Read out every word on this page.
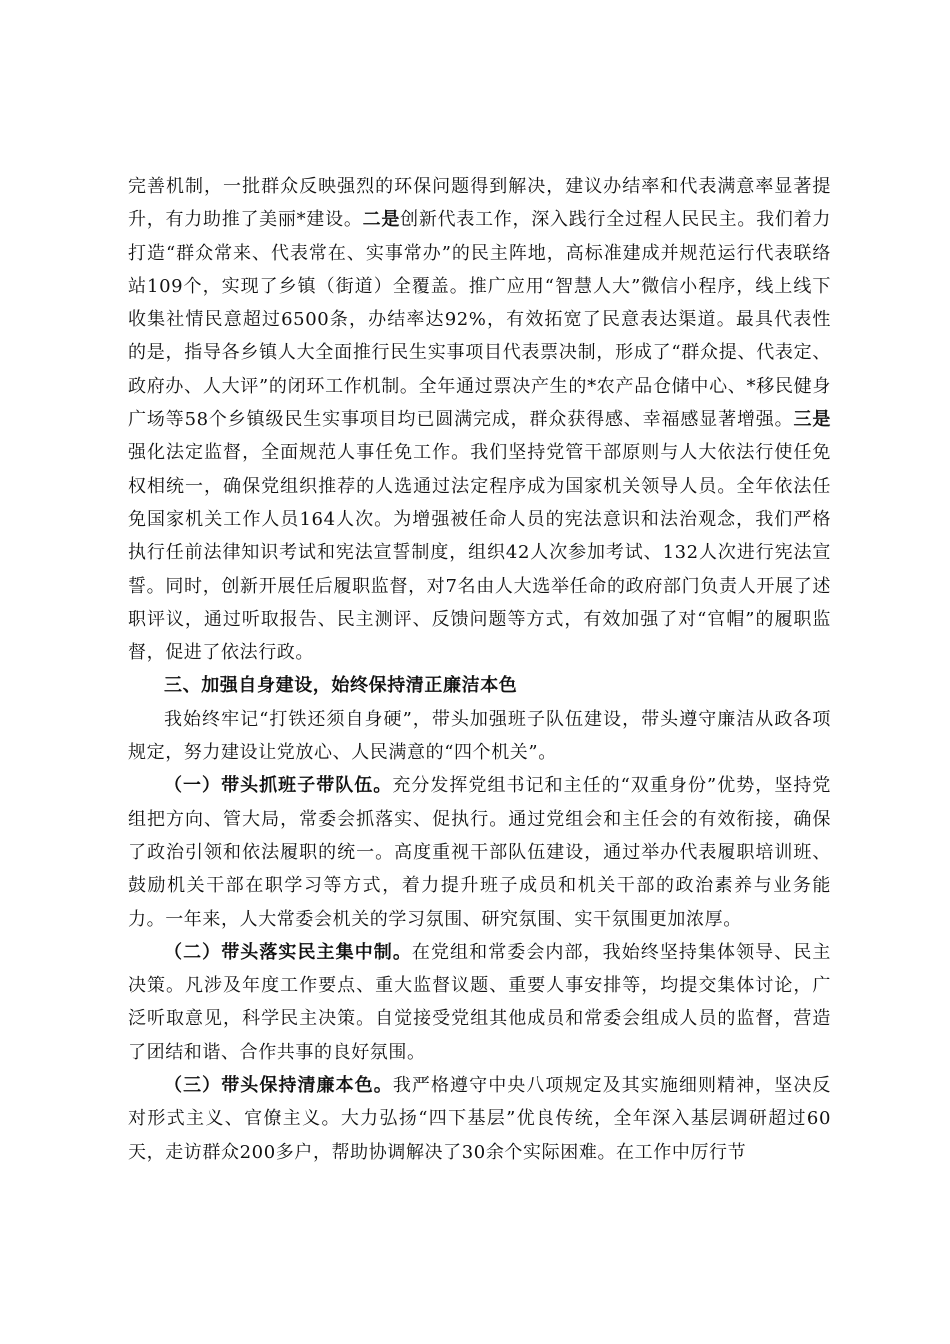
完善机制，一批群众反映强烈的环保问题得到解决，建议办结率和代表满意率显著提升，有力助推了美丽*建设。二是创新代表工作，深入践行全过程人民民主。我们着力打造“群众常来、代表常在、实事常办”的民主阵地，高标准建成并规范运行代表联络站109个，实现了乡镇（街道）全覆盖。推广应用“智慧人大”微信小程序，线上线下收集社情民意超过6500条，办结率达92%，有效拓宽了民意表达渠道。最具代表性的是，指导各乡镇人大全面推行民生实事项目代表票决制，形成了“群众提、代表定、政府办、人大评”的闭环工作机制。全年通过票决产生的*农产品仓储中心、*移民健身广场等58个乡镇级民生实事项目均已圆满完成，群众获得感、幸福感显著增强。三是强化法定监督，全面规范人事任免工作。我们坚持党管干部原则与人大依法行使任免权相统一，确保党组织推荐的人选通过法定程序成为国家机关领导人员。全年依法任免国家机关工作人员164人次。为增强被任命人员的宪法意识和法治观念，我们严格执行任前法律知识考试和宪法宣誓制度，组织42人次参加考试、132人次进行宪法宣誓。同时，创新开展任后履职监督，对7名由人大选举任命的政府部门负责人开展了述职评议，通过听取报告、民主测评、反馈问题等方式，有效加强了对“官帽”的履职监督，促进了依法行政。

三、加强自身建设，始终保持清正廉洁本色

我始终牢记“打铁还须自身硬”，带头加强班子队伍建设，带头遵守廉洁从政各项规定，努力建设让党放心、人民满意的“四个机关”。

（一）带头抓班子带队伍。充分发挥党组书记和主任的“双重身份”优势，坚持党组把方向、管大局，常委会抓落实、促执行。通过党组会和主任会的有效衔接，确保了政治引领和依法履职的统一。高度重视干部队伍建设，通过举办代表履职培训班、鼓励机关干部在职学习等方式，着力提升班子成员和机关干部的政治素养与业务能力。一年来，人大常委会机关的学习氛围、研究氛围、实干氛围更加浓厚。

（二）带头落实民主集中制。在党组和常委会内部，我始终坚持集体领导、民主决策。凡涉及年度工作要点、重大监督议题、重要人事安排等，均提交集体讨论，广泛听取意见，科学民主决策。自觉接受党组其他成员和常委会组成人员的监督，营造了团结和谐、合作共事的良好氛围。

（三）带头保持清廉本色。我严格遵守中央八项规定及其实施细则精神，坚决反对形式主义、官僚主义。大力弘扬“四下基层”优良传统，全年深入基层调研超过60天，走访群众200多户，帮助协调解决了30余个实际困难。在工作中厉行节
